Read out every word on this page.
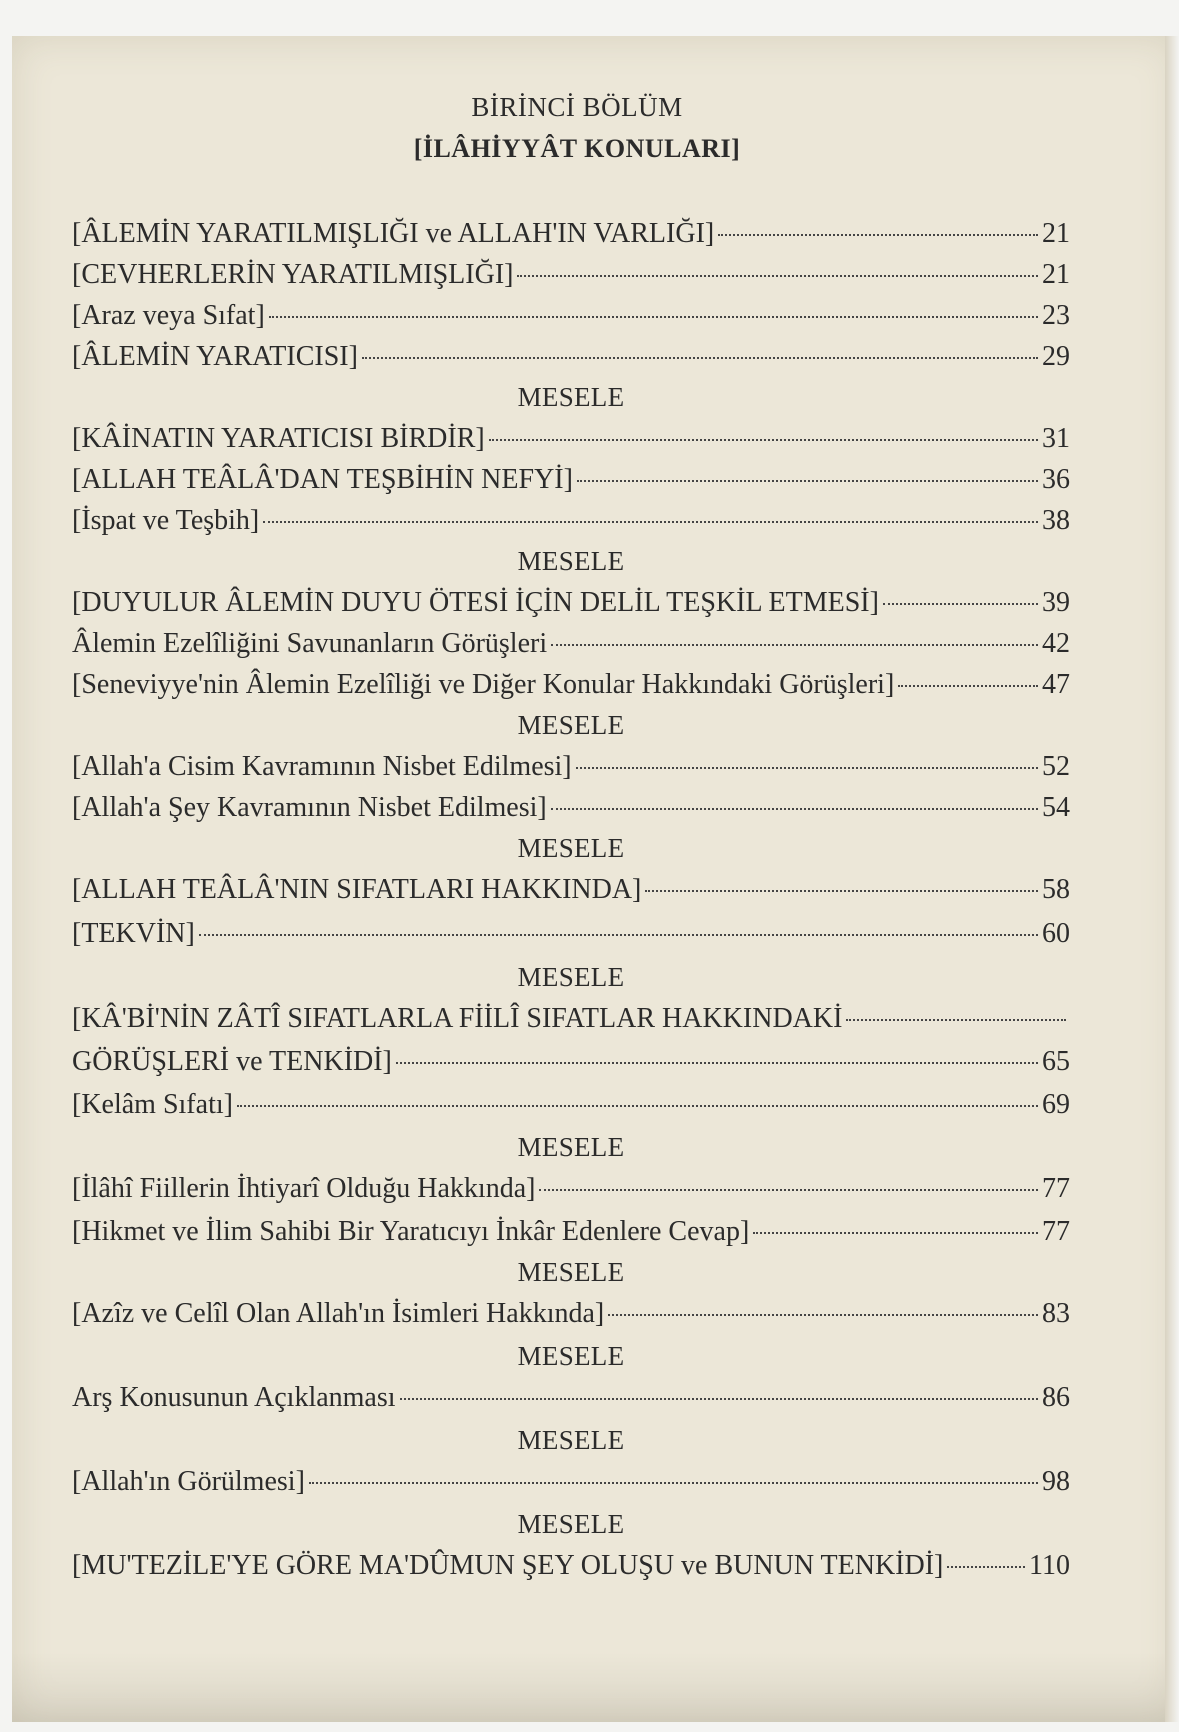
BİRİNCİ BÖLÜM
[İLÂHİYYÂT KONULARI]
[ÂLEMİN YARATILMIŞLIĞI ve ALLAH'IN VARLIĞI]	21
[CEVHERLERİN YARATILMIŞLIĞI]	21
[Araz veya Sıfat]	23
[ÂLEMİN YARATICISI]	29
MESELE
[KÂİNATIN YARATICISI BİRDİR]	31
[ALLAH TEÂLÂ'DAN TEŞBİHİN NEFYİ]	36
[İspat ve Teşbih]	38
MESELE
[DUYULUR ÂLEMİN DUYU ÖTESİ İÇİN DELİL TEŞKİL ETMESİ]	39
Âlemin Ezelîliğini Savunanların Görüşleri	42
[Seneviyye'nin Âlemin Ezelîliği ve Diğer Konular Hakkındaki Görüşleri]	47
MESELE
[Allah'a Cisim Kavramının Nisbet Edilmesi]	52
[Allah'a Şey Kavramının Nisbet Edilmesi]	54
MESELE
[ALLAH TEÂLÂ'NIN SIFATLARI HAKKINDA]	58
[TEKVİN]	60
MESELE
[KÂ'Bİ'NİN ZÂTÎ SIFATLARLA FİİLÎ SIFATLAR HAKKINDAKİ
GÖRÜŞLERİ ve TENKİDİ]	65
[Kelâm Sıfatı]	69
MESELE
[İlâhî Fiillerin İhtiyarî Olduğu Hakkında]	77
[Hikmet ve İlim Sahibi Bir Yaratıcıyı İnkâr Edenlere Cevap]	77
MESELE
[Azîz ve Celîl Olan Allah'ın İsimleri Hakkında]	83
MESELE
Arş Konusunun Açıklanması	86
MESELE
[Allah'ın Görülmesi]	98
MESELE
[MU'TEZİLE'YE GÖRE MA'DÛMUN ŞEY OLUŞU ve BUNUN TENKİDİ]	110
